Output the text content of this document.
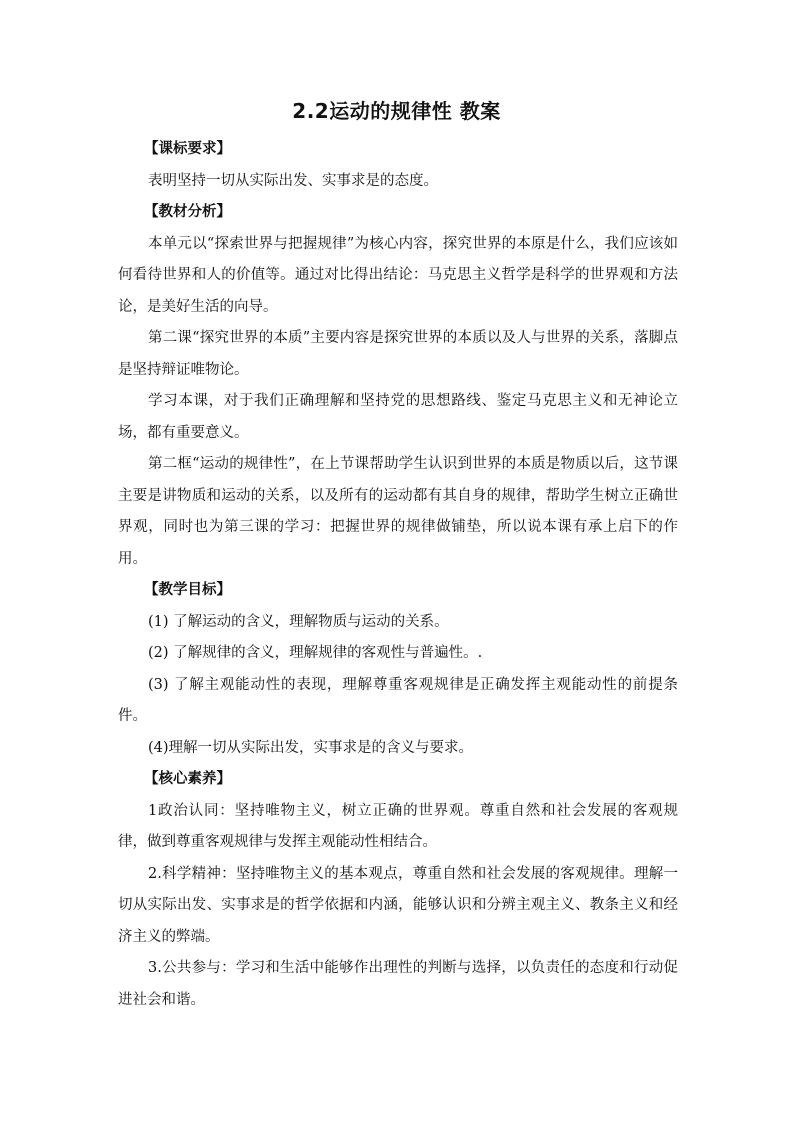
2.2运动的规律性 教案

【课标要求】

表明坚持一切从实际出发、实事求是的态度。

【教材分析】

本单元以“探索世界与把握规律”为核心内容，探究世界的本原是什么，我们应该如何看待世界和人的价值等。通过对比得出结论：马克思主义哲学是科学的世界观和方法论，是美好生活的向导。

第二课“探究世界的本质”主要内容是探究世界的本质以及人与世界的关系，落脚点是坚持辩证唯物论。

学习本课，对于我们正确理解和坚持党的思想路线、鉴定马克思主义和无神论立场，都有重要意义。

第二框“运动的规律性”，在上节课帮助学生认识到世界的本质是物质以后，这节课主要是讲物质和运动的关系，以及所有的运动都有其自身的规律，帮助学生树立正确世界观，同时也为第三课的学习：把握世界的规律做铺垫，所以说本课有承上启下的作用。

【教学目标】

(1) 了解运动的含义，理解物质与运动的关系。

(2) 了解规律的含义，理解规律的客观性与普遍性。.

(3) 了解主观能动性的表现，理解尊重客观规律是正确发挥主观能动性的前提条件。

(4)理解一切从实际出发，实事求是的含义与要求。

【核心素养】

1政治认同：坚持唯物主义，树立正确的世界观。尊重自然和社会发展的客观规律，做到尊重客观规律与发挥主观能动性相结合。

2.科学精神：坚持唯物主义的基本观点，尊重自然和社会发展的客观规律。理解一切从实际出发、实事求是的哲学依据和内涵，能够认识和分辨主观主义、教条主义和经济主义的弊端。

3.公共参与：学习和生活中能够作出理性的判断与选择，以负责任的态度和行动促进社会和谐。
